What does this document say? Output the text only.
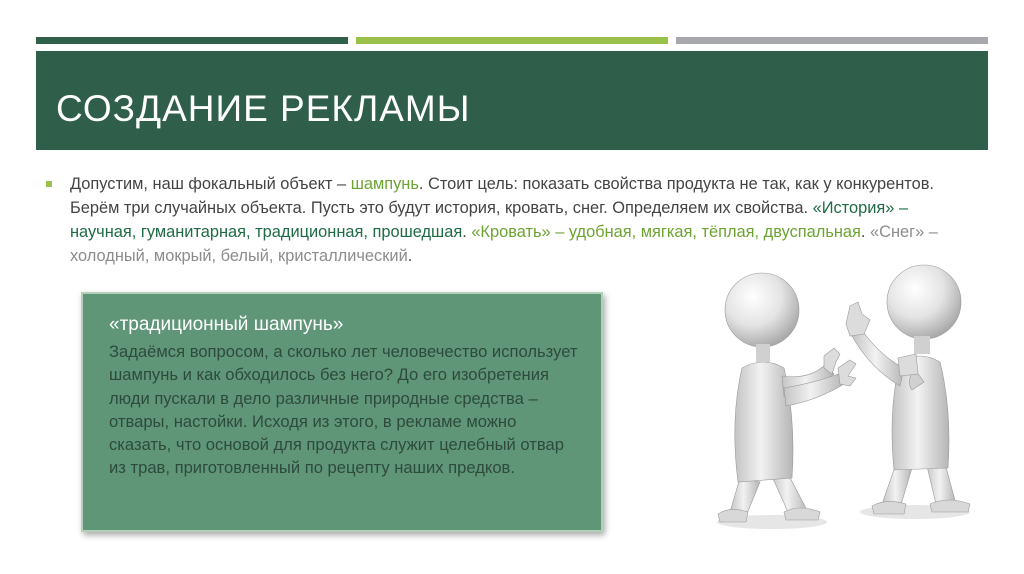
СОЗДАНИЕ РЕКЛАМЫ
Допустим, наш фокальный объект – шампунь. Стоит цель: показать свойства продукта не так, как у конкурентов. Берём три случайных объекта. Пусть это будут история, кровать, снег. Определяем их свойства. «История» – научная, гуманитарная, традиционная, прошедшая. «Кровать» – удобная, мягкая, тёплая, двуспальная. «Снег» – холодный, мокрый, белый, кристаллический.
«традиционный шампунь»
Задаёмся вопросом, а сколько лет человечество использует шампунь и как обходилось без него? До его изобретения люди пускали в дело различные природные средства – отвары, настойки. Исходя из этого, в рекламе можно сказать, что основой для продукта служит целебный отвар из трав, приготовленный по рецепту наших предков.
